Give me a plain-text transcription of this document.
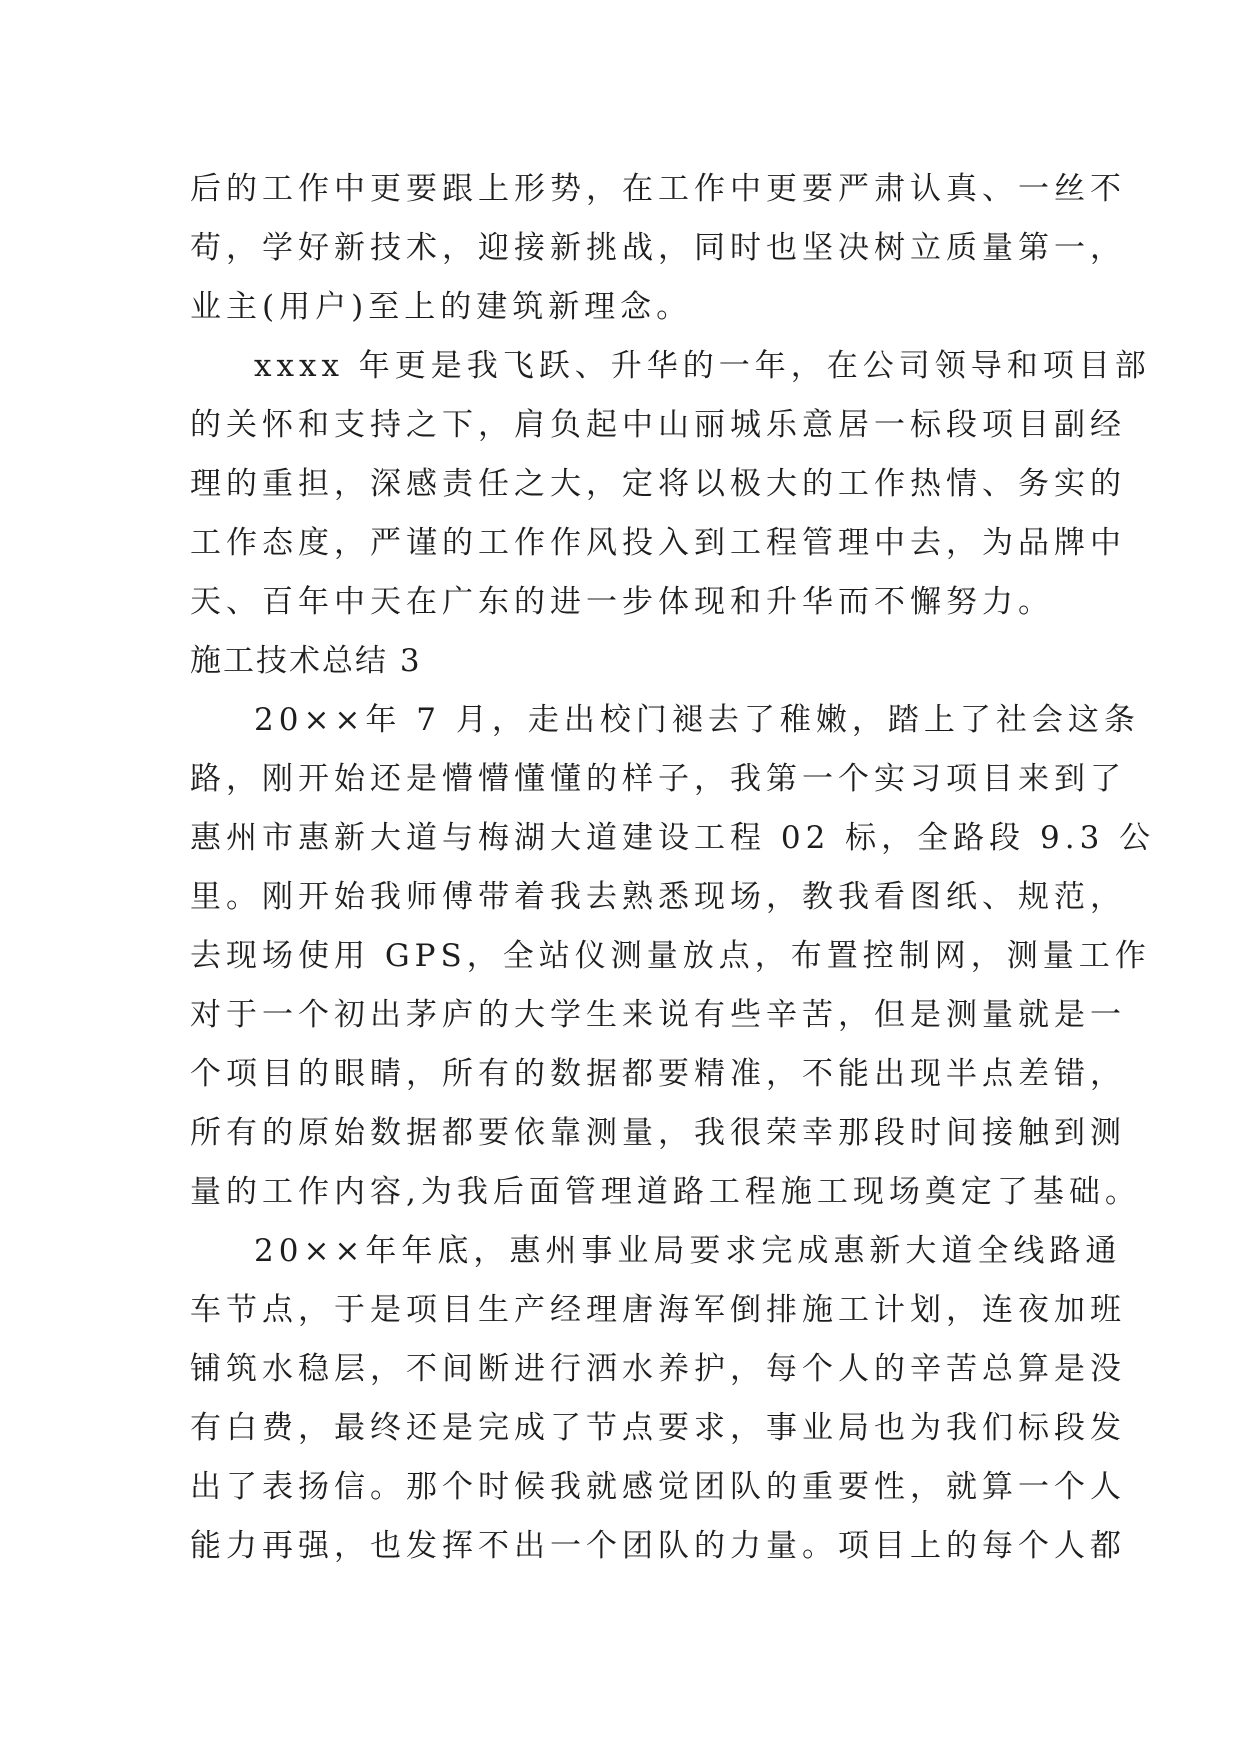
后的工作中更要跟上形势，在工作中更要严肃认真、一丝不
苟，学好新技术，迎接新挑战，同时也坚决树立质量第一，
业主(用户)至上的建筑新理念。
xxxx 年更是我飞跃、升华的一年，在公司领导和项目部
的关怀和支持之下，肩负起中山丽城乐意居一标段项目副经
理的重担，深感责任之大，定将以极大的工作热情、务实的
工作态度，严谨的工作作风投入到工程管理中去，为品牌中
天、百年中天在广东的进一步体现和升华而不懈努力。
施工技术总结 3
20××年 7 月，走出校门褪去了稚嫩，踏上了社会这条
路，刚开始还是懵懵懂懂的样子，我第一个实习项目来到了
惠州市惠新大道与梅湖大道建设工程 02 标，全路段 9.3 公
里。刚开始我师傅带着我去熟悉现场，教我看图纸、规范，
去现场使用 GPS，全站仪测量放点，布置控制网，测量工作
对于一个初出茅庐的大学生来说有些辛苦，但是测量就是一
个项目的眼睛，所有的数据都要精准，不能出现半点差错，
所有的原始数据都要依靠测量，我很荣幸那段时间接触到测
量的工作内容,为我后面管理道路工程施工现场奠定了基础。
20××年年底，惠州事业局要求完成惠新大道全线路通
车节点，于是项目生产经理唐海军倒排施工计划，连夜加班
铺筑水稳层，不间断进行洒水养护，每个人的辛苦总算是没
有白费，最终还是完成了节点要求，事业局也为我们标段发
出了表扬信。那个时候我就感觉团队的重要性，就算一个人
能力再强，也发挥不出一个团队的力量。项目上的每个人都
